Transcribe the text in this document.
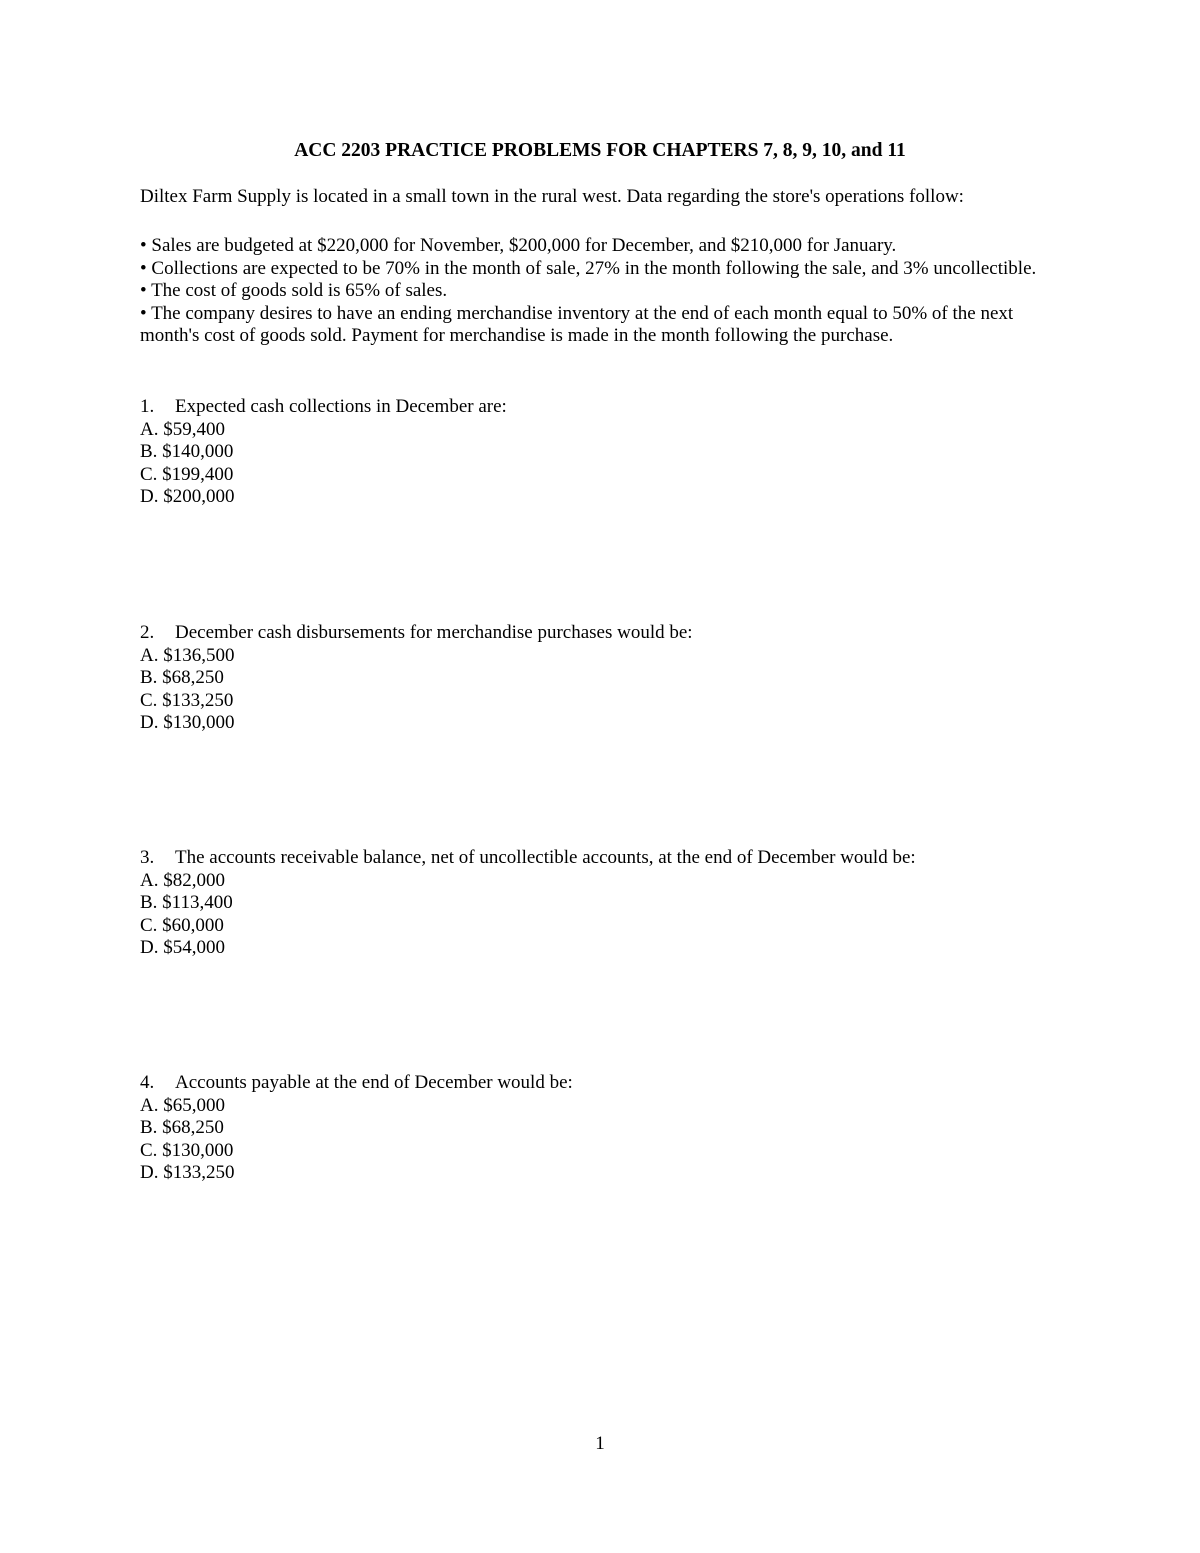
ACC 2203 PRACTICE PROBLEMS FOR CHAPTERS 7, 8, 9, 10, and 11
Diltex Farm Supply is located in a small town in the rural west. Data regarding the store's operations follow:

• Sales are budgeted at $220,000 for November, $200,000 for December, and $210,000 for January.

• Collections are expected to be 70% in the month of sale, 27% in the month following the sale, and 3% uncollectible.

• The cost of goods sold is 65% of sales.

• The company desires to have an ending merchandise inventory at the end of each month equal to 50% of the next month's cost of goods sold. Payment for merchandise is made in the month following the purchase.

1. Expected cash collections in December are:

A. $59,400

B. $140,000

C. $199,400

D. $200,000

2. December cash disbursements for merchandise purchases would be:

A. $136,500

B. $68,250

C. $133,250

D. $130,000

3. The accounts receivable balance, net of uncollectible accounts, at the end of December would be:

A. $82,000

B. $113,400

C. $60,000

D. $54,000

4. Accounts payable at the end of December would be:

A. $65,000

B. $68,250

C. $130,000

D. $133,250

1
